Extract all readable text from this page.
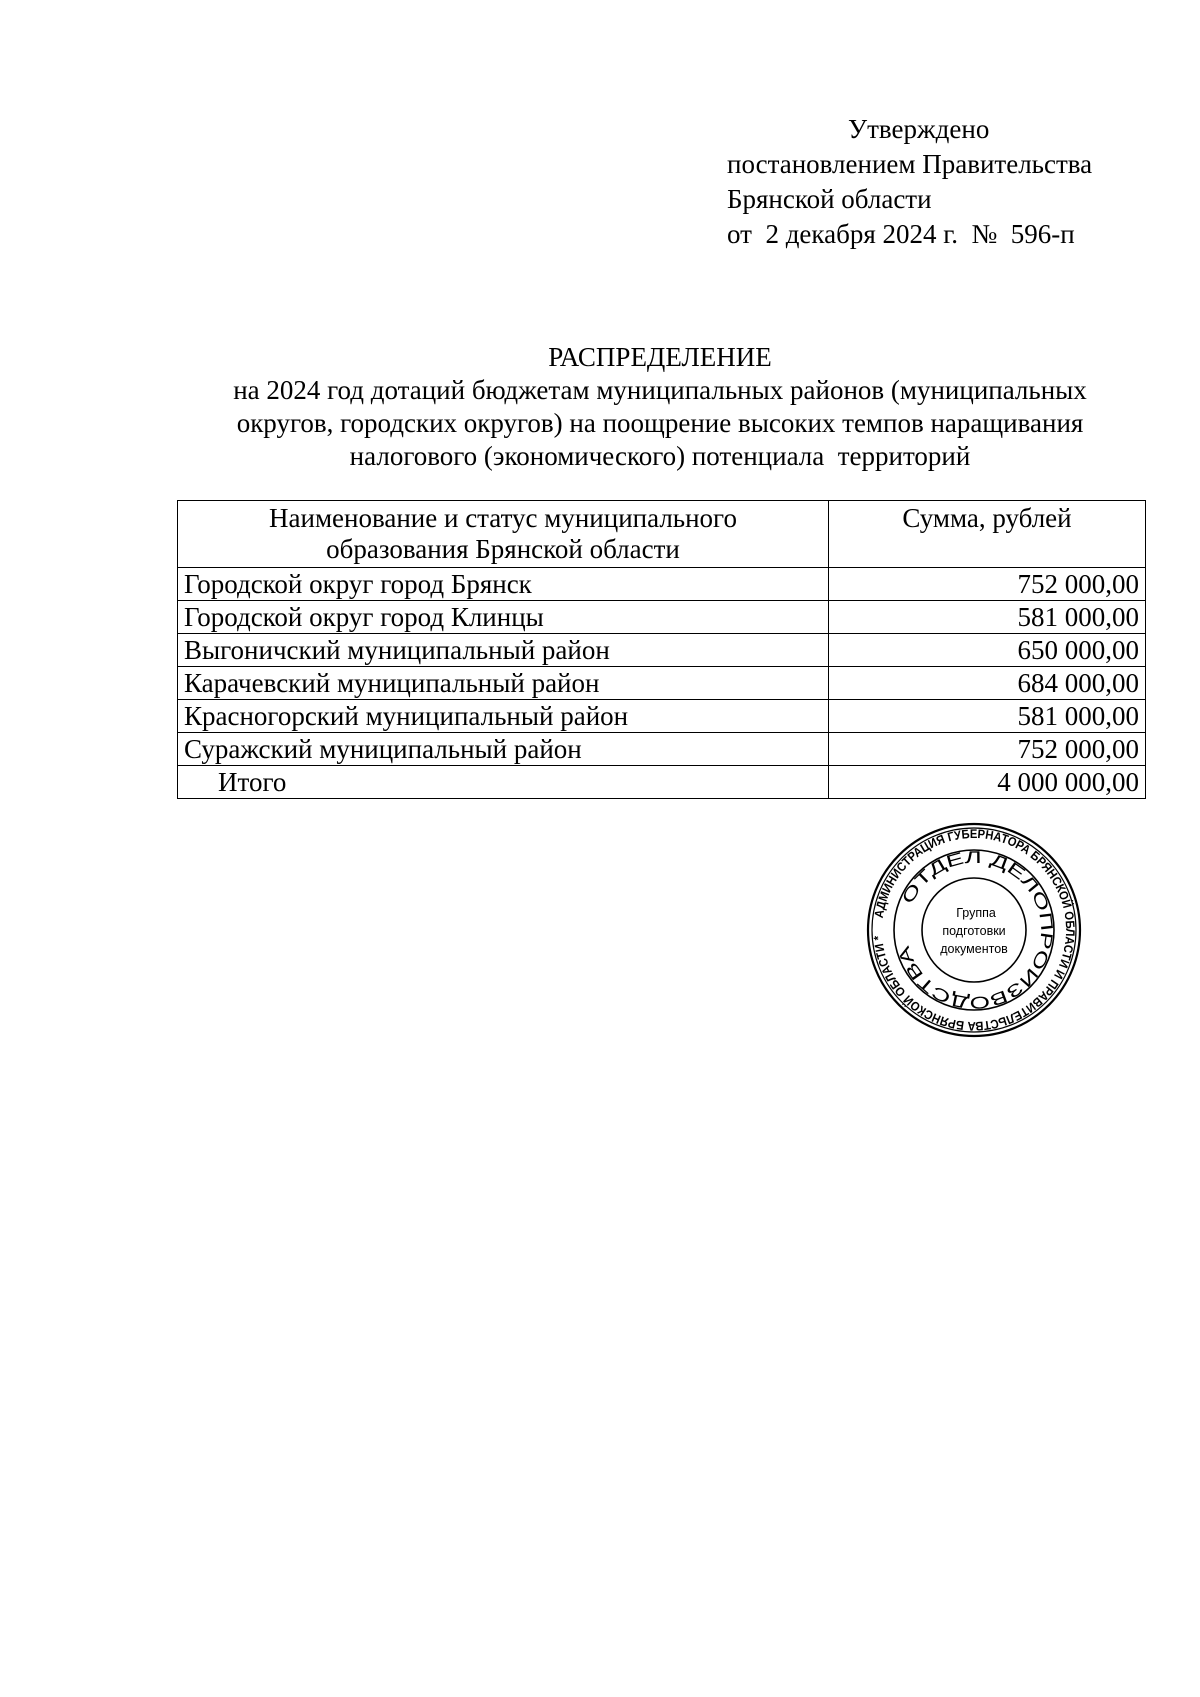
Утверждено
постановлением Правительства
Брянской области
от  2 декабря 2024 г.  №  596-п
РАСПРЕДЕЛЕНИЕ
на 2024 год дотаций бюджетам муниципальных районов (муниципальных
округов, городских округов) на поощрение высоких темпов наращивания
налогового (экономического) потенциала  территорий
Наименование и статус муниципального
образования Брянской области	Сумма, рублей
Городской округ город Брянск	752 000,00
Городской округ город Клинцы	581 000,00
Выгоничский муниципальный район	650 000,00
Карачевский муниципальный район	684 000,00
Красногорский муниципальный район	581 000,00
Суражский муниципальный район	752 000,00
Итого	4 000 000,00
АДМИНИСТРАЦИЯ ГУБЕРНАТОРА БРЯНСКОЙ ОБЛАСТИ И ПРАВИТЕЛЬСТВА БРЯНСКОЙ ОБЛАСТИ *
ОТДЕЛ ДЕЛОПРОИЗВОДСТВА
Группа
подготовки
документов
